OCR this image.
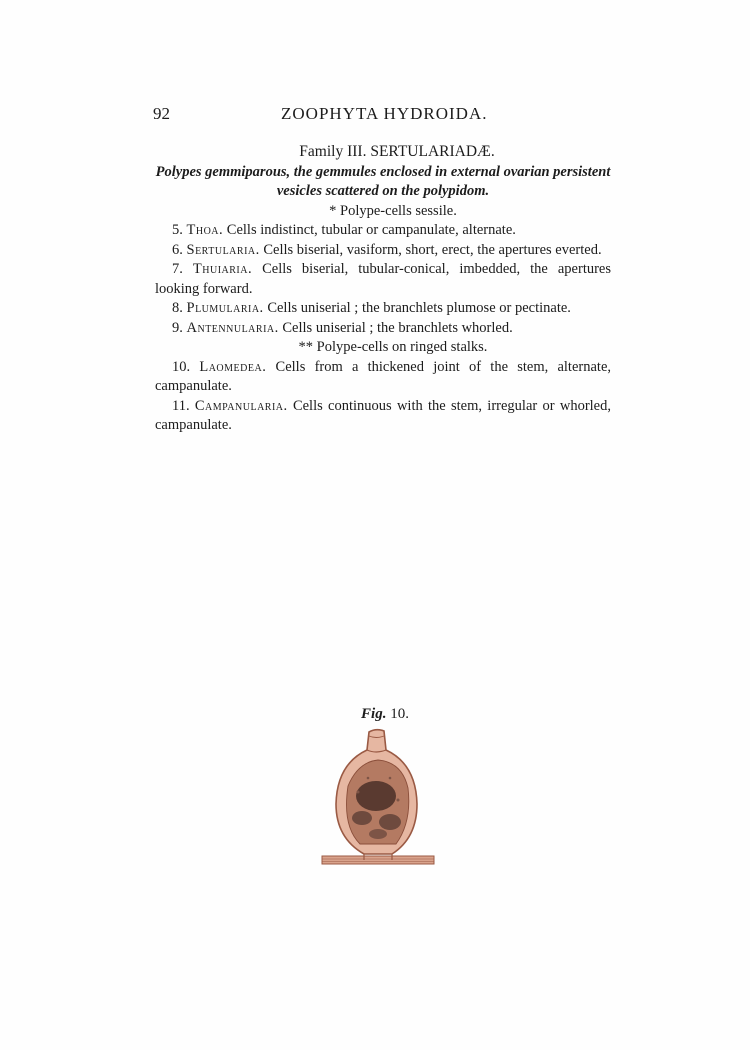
92	ZOOPHYTA HYDROIDA.
Family III. SERTULARIADÆ.

Polypes gemmiparous, the gemmules enclosed in external ovarian persistent vesicles scattered on the polypidom.

* Polype-cells sessile.

5. Thoa. Cells indistinct, tubular or campanulate, alternate.

6. Sertularia. Cells biserial, vasiform, short, erect, the apertures everted.

7. Thuiaria. Cells biserial, tubular-conical, imbedded, the apertures looking forward.

8. Plumularia. Cells uniserial ; the branchlets plumose or pectinate.

9. Antennularia. Cells uniserial ; the branchlets whorled.

** Polype-cells on ringed stalks.

10. Laomedea. Cells from a thickened joint of the stem, alternate, campanulate.

11. Campanularia. Cells continuous with the stem, irregular or whorled, campanulate.

Fig. 10.
